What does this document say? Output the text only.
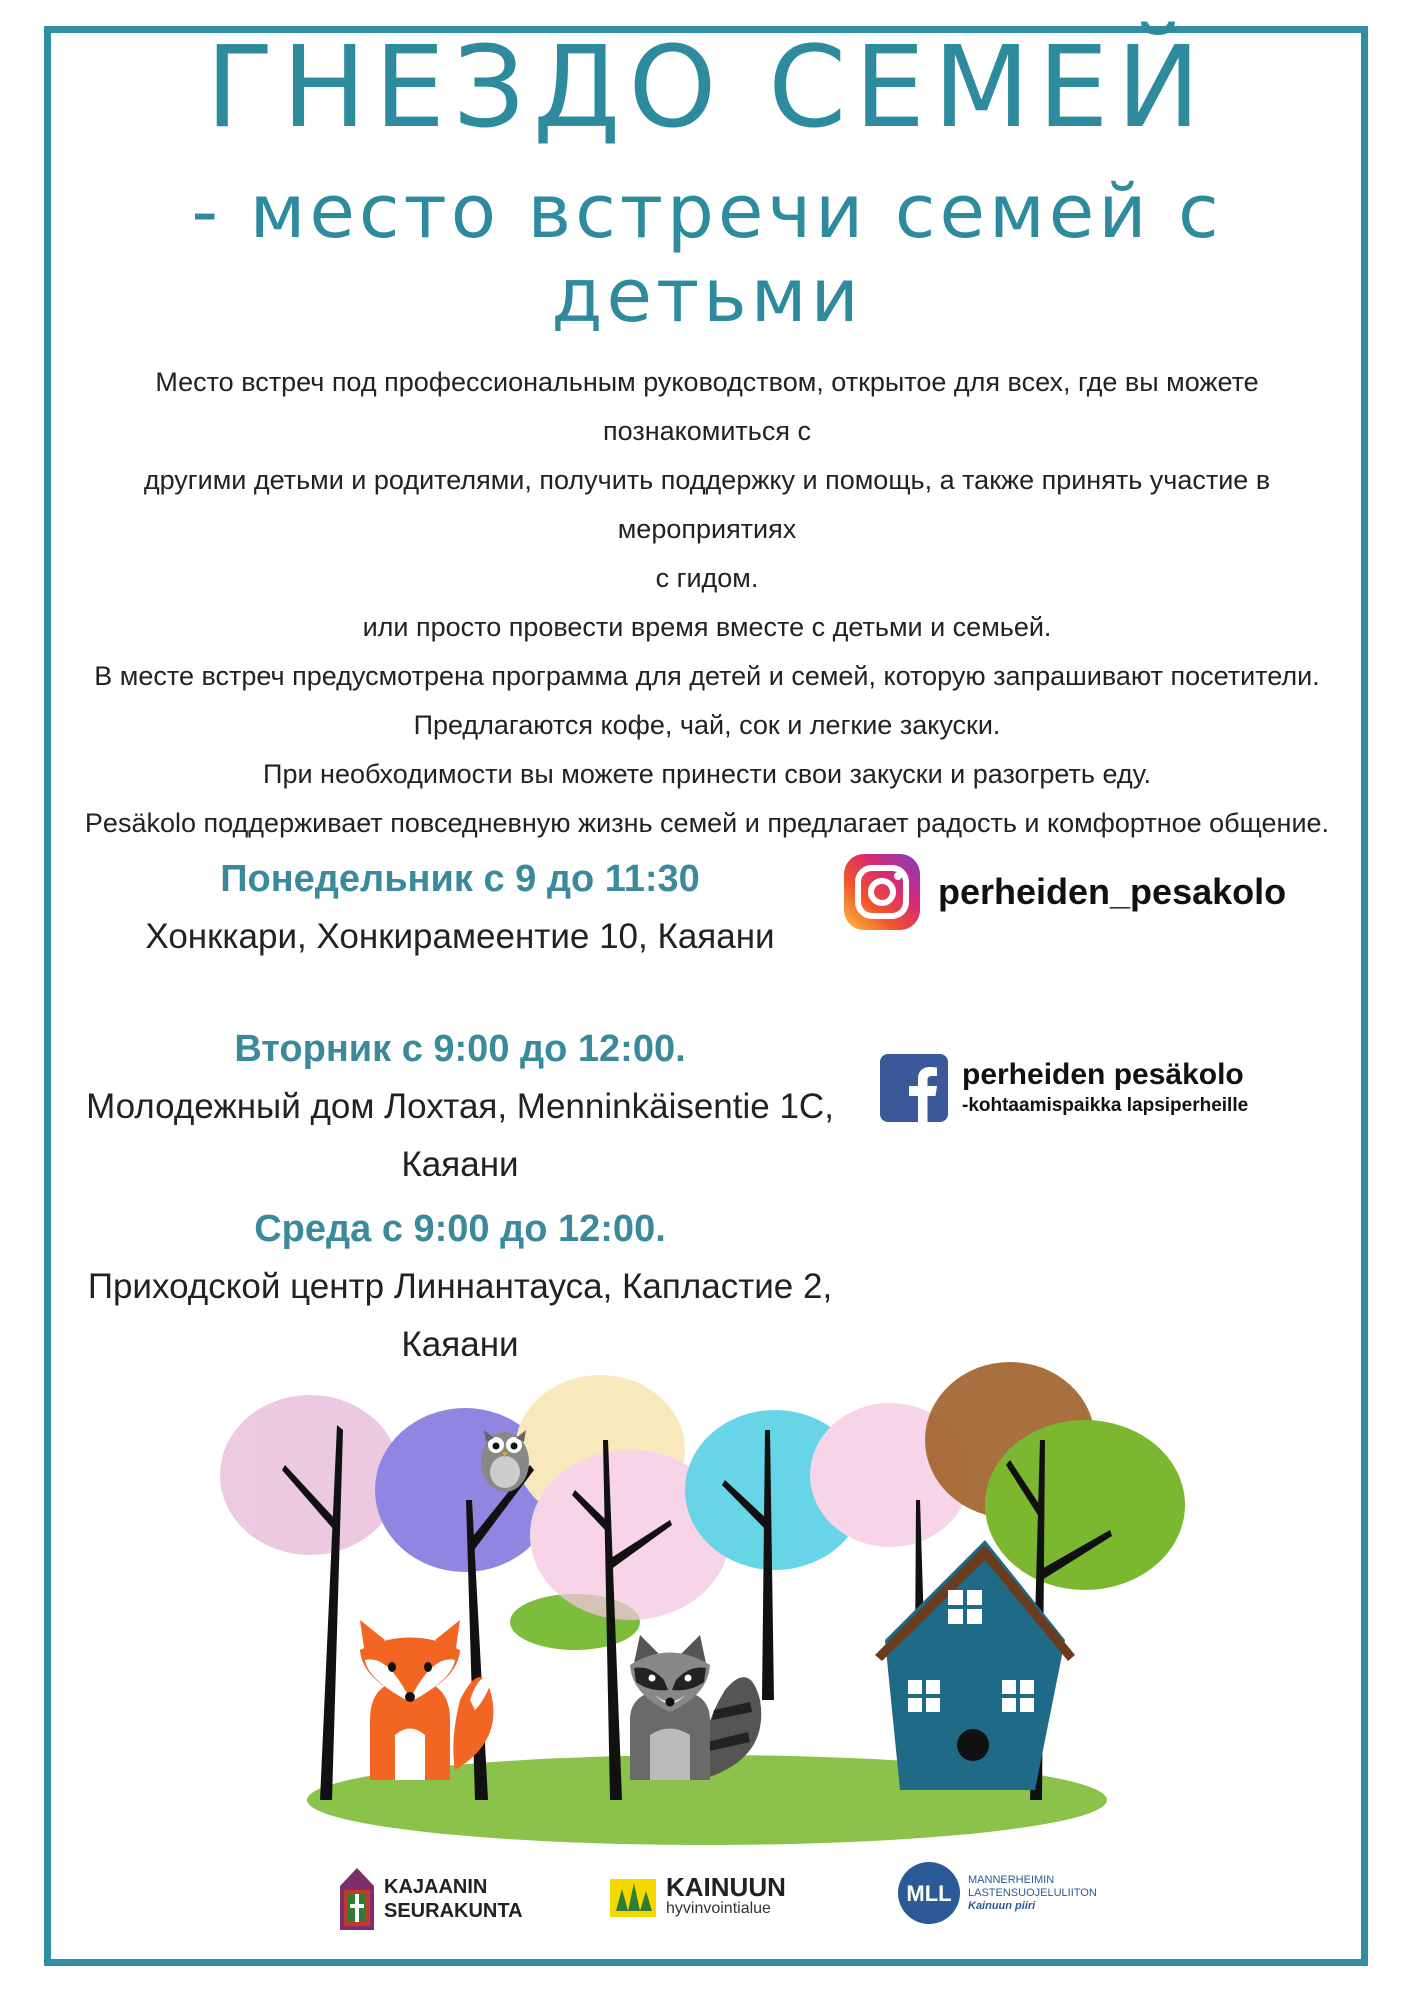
ГНЕЗДО СЕМЕЙ
- место встречи семей с
детьми

Место встреч под профессиональным руководством, открытое для всех, где вы можете познакомиться с

другими детьми и родителями, получить поддержку и помощь, а также принять участие в мероприятиях

с гидом.

или просто провести время вместе с детьми и семьей.

В месте встреч предусмотрена программа для детей и семей, которую запрашивают посетители.

Предлагаются кофе, чай, сок и легкие закуски.

При необходимости вы можете принести свои закуски и разогреть еду.

Pesäkolo поддерживает повседневную жизнь семей и предлагает радость и комфортное общение.

Понедельник с 9 до 11:30

Хонккари, Хонкирамеентие 10, Каяани

Вторник с 9:00 до 12:00.

Молодежный дом Лохтая, Menninkäisentie 1C,

Каяани

Среда с 9:00 до 12:00.

Приходской центр Линнантауса, Капластие 2, Каяани

perheiden_pesakolo
perheiden pesäkolo
-kohtaamispaikka lapsiperheille
KAJAANIN
SEURAKUNTA
KAINUUN
hyvinvointialue
MLL
MANNERHEIMIN
LASTENSUOJELULIITON
Kainuun piiri
